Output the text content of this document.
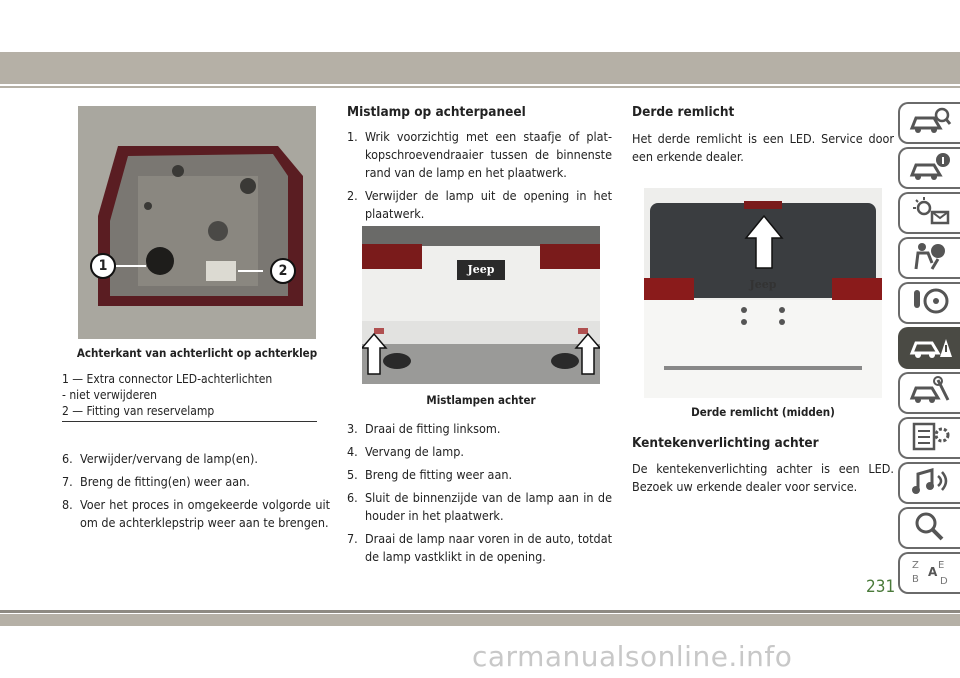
1	2
Achterkant van achterlicht op achterklep
1 — Extra connector LED-achterlichten
- niet verwijderen
2 — Fitting van reservelamp
6. Verwijder/vervang de lamp(en).
7. Breng de fitting(en) weer aan.
8. Voer het proces in omgekeerde volgorde uit om de achterklepstrip weer aan te brengen.
Mistlamp op achterpaneel
1. Wrik voorzichtig met een staafje of plat-kopschroevendraaier tussen de binnenste rand van de lamp en het plaatwerk.
2. Verwijder de lamp uit de opening in het plaatwerk.
Jeep
Mistlampen achter
3. Draai de fitting linksom.
4. Vervang de lamp.
5. Breng de fitting weer aan.
6. Sluit de binnenzijde van de lamp aan in de houder in het plaatwerk.
7. Draai de lamp naar voren in de auto, totdat de lamp vastklikt in de opening.
Derde remlicht
Het derde remlicht is een LED. Service door een erkende dealer.
Jeep
Derde remlicht (midden)
Kentekenverlichting achter
De kentekenverlichting achter is een LED. Bezoek uw erkende dealer voor service.
Z E
A
B D
231
carmanualsonline.info
